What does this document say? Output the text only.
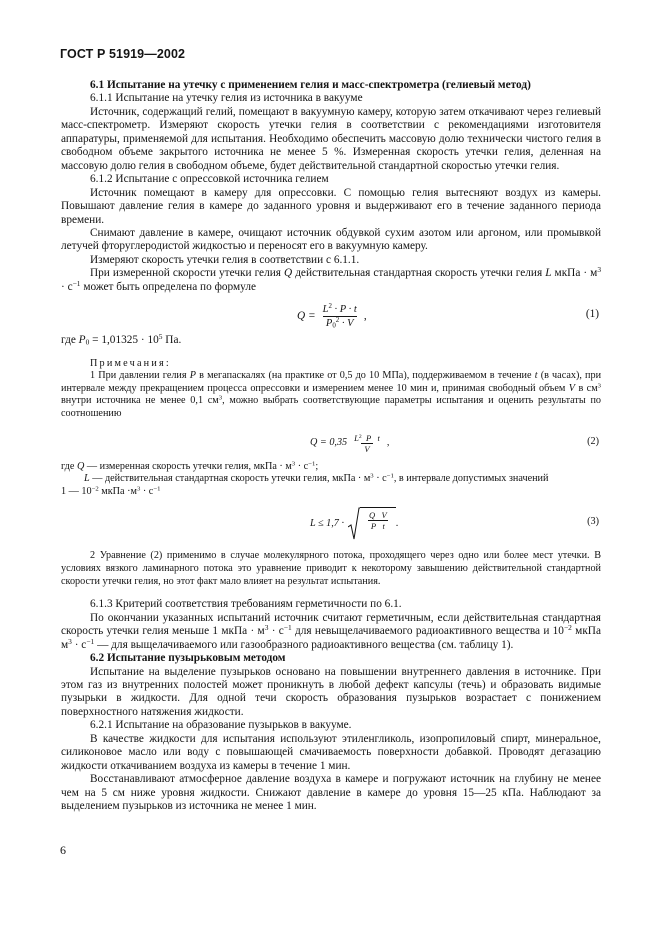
ГОСТ Р 51919—2002

6.1 Испытание на утечку с применением гелия и масс-спектрометра (гелиевый метод)

6.1.1 Испытание на утечку гелия из источника в вакууме

Источник, содержащий гелий, помещают в вакуумную камеру, которую затем откачивают через гелиевый масс-спектрометр. Измеряют скорость утечки гелия в соответствии с рекомендациями изготовителя аппаратуры, применяемой для испытания. Необходимо обеспечить массовую долю технически чистого гелия в свободном объеме закрытого источника не менее 5 %. Измеренная скорость утечки гелия, деленная на массовую долю гелия в свободном объеме, будет действительной стандартной скоростью утечки гелия.

6.1.2 Испытание с опрессовкой источника гелием

Источник помещают в камеру для опрессовки. С помощью гелия вытесняют воздух из камеры. Повышают давление гелия в камере до заданного уровня и выдерживают его в течение заданного периода времени.

Снимают давление в камере, очищают источник обдувкой сухим азотом или аргоном, или промывкой летучей фторуглеродистой жидкостью и переносят его в вакуумную камеру.

Измеряют скорость утечки гелия в соответствии с 6.1.1.

При измеренной скорости утечки гелия Q действительная стандартная скорость утечки гелия L мкПа · $м^3 \cdot с^{-1}$ может быть определена по формуле

$Q = \frac{L^2 \cdot P \cdot t}{P_0^2 \cdot V}$ ,	(1)

где $P_0 = 1,01325 \cdot 10^5$ Па.

Примечания:

1 При давлении гелия P в мегапаскалях (на практике от 0,5 до 10 МПа), поддерживаемом в течение t (в часах), при интервале между прекращением процесса опрессовки и измерением менее 10 мин и, принимая свободный объем V в $см^3$ внутри источника не менее 0,1 $см^3$, можно выбрать соответствующие параметры испытания и оценить результаты по соотношению

$Q = 0,35 \frac{L^2 P t}{V}$ ,	(2)

где Q — измеренная скорость утечки гелия, мкПа · $м^3 \cdot с^{-1}$;

L — действительная стандартная скорость утечки гелия, мкПа · $м^3 \cdot с^{-1}$, в интервале допустимых значений

1 — $10^{-2}$ мкПа $\cdot м^3 \cdot с^{-1}$

L ≤ 1,7 ·	$\frac{\text{Q V}}{\text{P t}}$ .	(3)

2 Уравнение (2) применимо в случае молекулярного потока, проходящего через одно или более мест утечки. В условиях вязкого ламинарного потока это уравнение приводит к некоторому завышению действительной стандартной скорости утечки гелия, но этот факт мало влияет на результат испытания.

6.1.3 Критерий соответствия требованиям герметичности по 6.1.

По окончании указанных испытаний источник считают герметичным, если действительная стандартная скорость утечки гелия меньше 1 мкПа · $м^3 \cdot с^{-1}$ для невыщелачиваемого радиоактивного вещества и $10^{-2}$ мкПа $м^3 \cdot с^{-1}$ — для выщелачиваемого или газообразного радиоактивного вещества (см. таблицу 1).

6.2 Испытание пузырьковым методом

Испытание на выделение пузырьков основано на повышении внутреннего давления в источнике. При этом газ из внутренних полостей может проникнуть в любой дефект капсулы (течь) и образовать видимые пузырьки в жидкости. Для одной течи скорость образования пузырьков возрастает с понижением поверхностного натяжения жидкости.

6.2.1 Испытание на образование пузырьков в вакууме.

В качестве жидкости для испытания используют этиленгликоль, изопропиловый спирт, минеральное, силиконовое масло или воду с повышающей смачиваемость поверхности добавкой. Проводят дегазацию жидкости откачиванием воздуха из камеры в течение 1 мин.

Восстанавливают атмосферное давление воздуха в камере и погружают источник на глубину не менее чем на 5 см ниже уровня жидкости. Снижают давление в камере до уровня 15—25 кПа. Наблюдают за выделением пузырьков из источника не менее 1 мин.

6
